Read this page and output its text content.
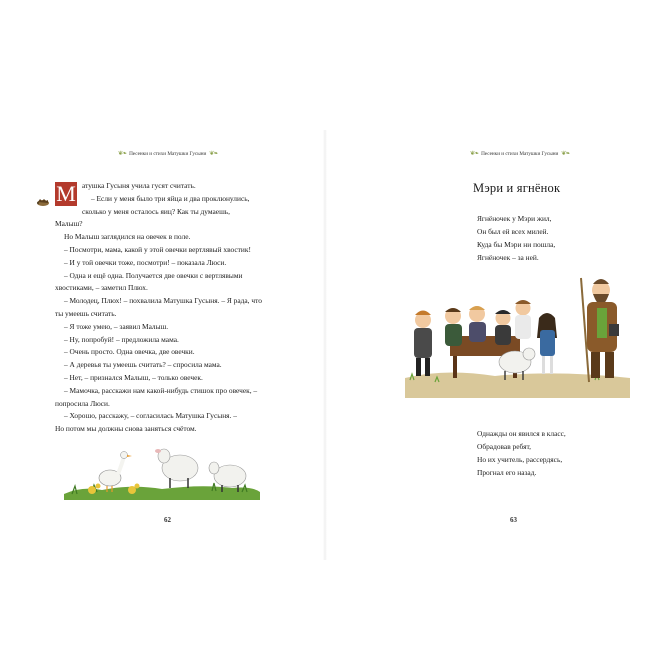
❦❧ Песенки и стихи Матушки Гусыни ❦❧
М атушка Гусыня учила гусят считать.

– Если у меня было три яйца и два проклюнулись,

сколько у меня осталось яиц? Как ты думаешь,

Малыш?

Но Малыш заглядился на овечек в поле.

– Посмотри, мама, какой у этой овечки вертлявый хвостик!

– И у той овечки тоже, посмотри! – показала Люси.

– Одна и ещё одна. Получается две овечки с вертлявыми

хвостиками, – заметил Плюх.

– Молодец, Плюх! – похвалила Матушка Гусыня. – Я рада, что

ты умеешь считать.

– Я тоже умею, – заявил Малыш.

– Ну, попробуй! – предложила мама.

– Очень просто. Одна овечка, две овечки.

– А деревья ты умеешь считать? – спросила мама.

– Нет, – признался Малыш, – только овечек.

– Мамочка, расскажи нам какой-нибудь стишок про овечек, –

попросила Люси.

– Хорошо, расскажу, – согласилась Матушка Гусыня. –

Но потом мы должны снова заняться счётом.

62
❦❧ Песенки и стихи Матушки Гусыни ❦❧
Мэри и ягнёнок

Ягнёночек у Мэри жил,

Он был ей всех милей.

Куда бы Мэри ни пошла,

Ягнёночек – за ней.

Однажды он явился в класс,

Обрадовав ребят,

Но их учитель, рассердясь,

Прогнал его назад.

63
